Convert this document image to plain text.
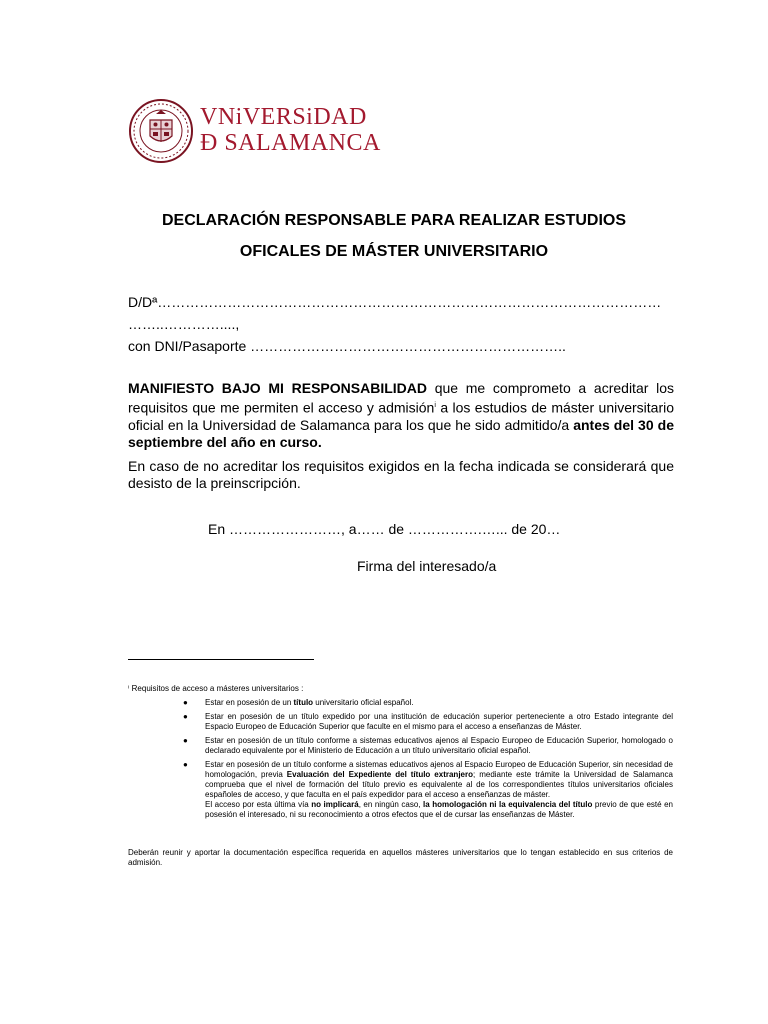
VNiVERSiDAD
Ð SALAMANCA
DECLARACIÓN RESPONSABLE PARA REALIZAR ESTUDIOS
OFICALES DE MÁSTER UNIVERSITARIO
D/Dª………………………………………………………………………………………………
……..…………....,
con DNI/Pasaporte …………………………………………………………..
MANIFIESTO BAJO MI RESPONSABILIDAD que me comprometo a acreditar los requisitos que me permiten el acceso y admisión$^i$ a los estudios de máster universitario oficial en la Universidad de Salamanca para los que he sido admitido/a antes del 30 de septiembre del año en curso.
En caso de no acreditar los requisitos exigidos en la fecha indicada se considerará que desisto de la preinscripción.
En ……………………, a…… de …………….…... de 20…
Firma del interesado/a
ⁱ Requisitos de acceso a másteres universitarios :
● Estar en posesión de un título universitario oficial español.
● Estar en posesión de un título expedido por una institución de educación superior perteneciente a otro Estado integrante del Espacio Europeo de Educación Superior que faculte en el mismo para el acceso a enseñanzas de Máster.
● Estar en posesión de un título conforme a sistemas educativos ajenos al Espacio Europeo de Educación Superior, homologado o declarado equivalente por el Ministerio de Educación a un título universitario oficial español.
● Estar en posesión de un título conforme a sistemas educativos ajenos al Espacio Europeo de Educación Superior, sin necesidad de homologación, previa Evaluación del Expediente del título extranjero; mediante este trámite la Universidad de Salamanca comprueba que el nivel de formación del título previo es equivalente al de los correspondientes títulos universitarios oficiales españoles de acceso, y que faculta en el país expedidor para el acceso a enseñanzas de máster.
El acceso por esta última vía no implicará, en ningún caso, la homologación ni la equivalencia del título previo de que esté en posesión el interesado, ni su reconocimiento a otros efectos que el de cursar las enseñanzas de Máster.
Deberán reunir y aportar la documentación específica requerida en aquellos másteres universitarios que lo tengan establecido en sus criterios de admisión.
